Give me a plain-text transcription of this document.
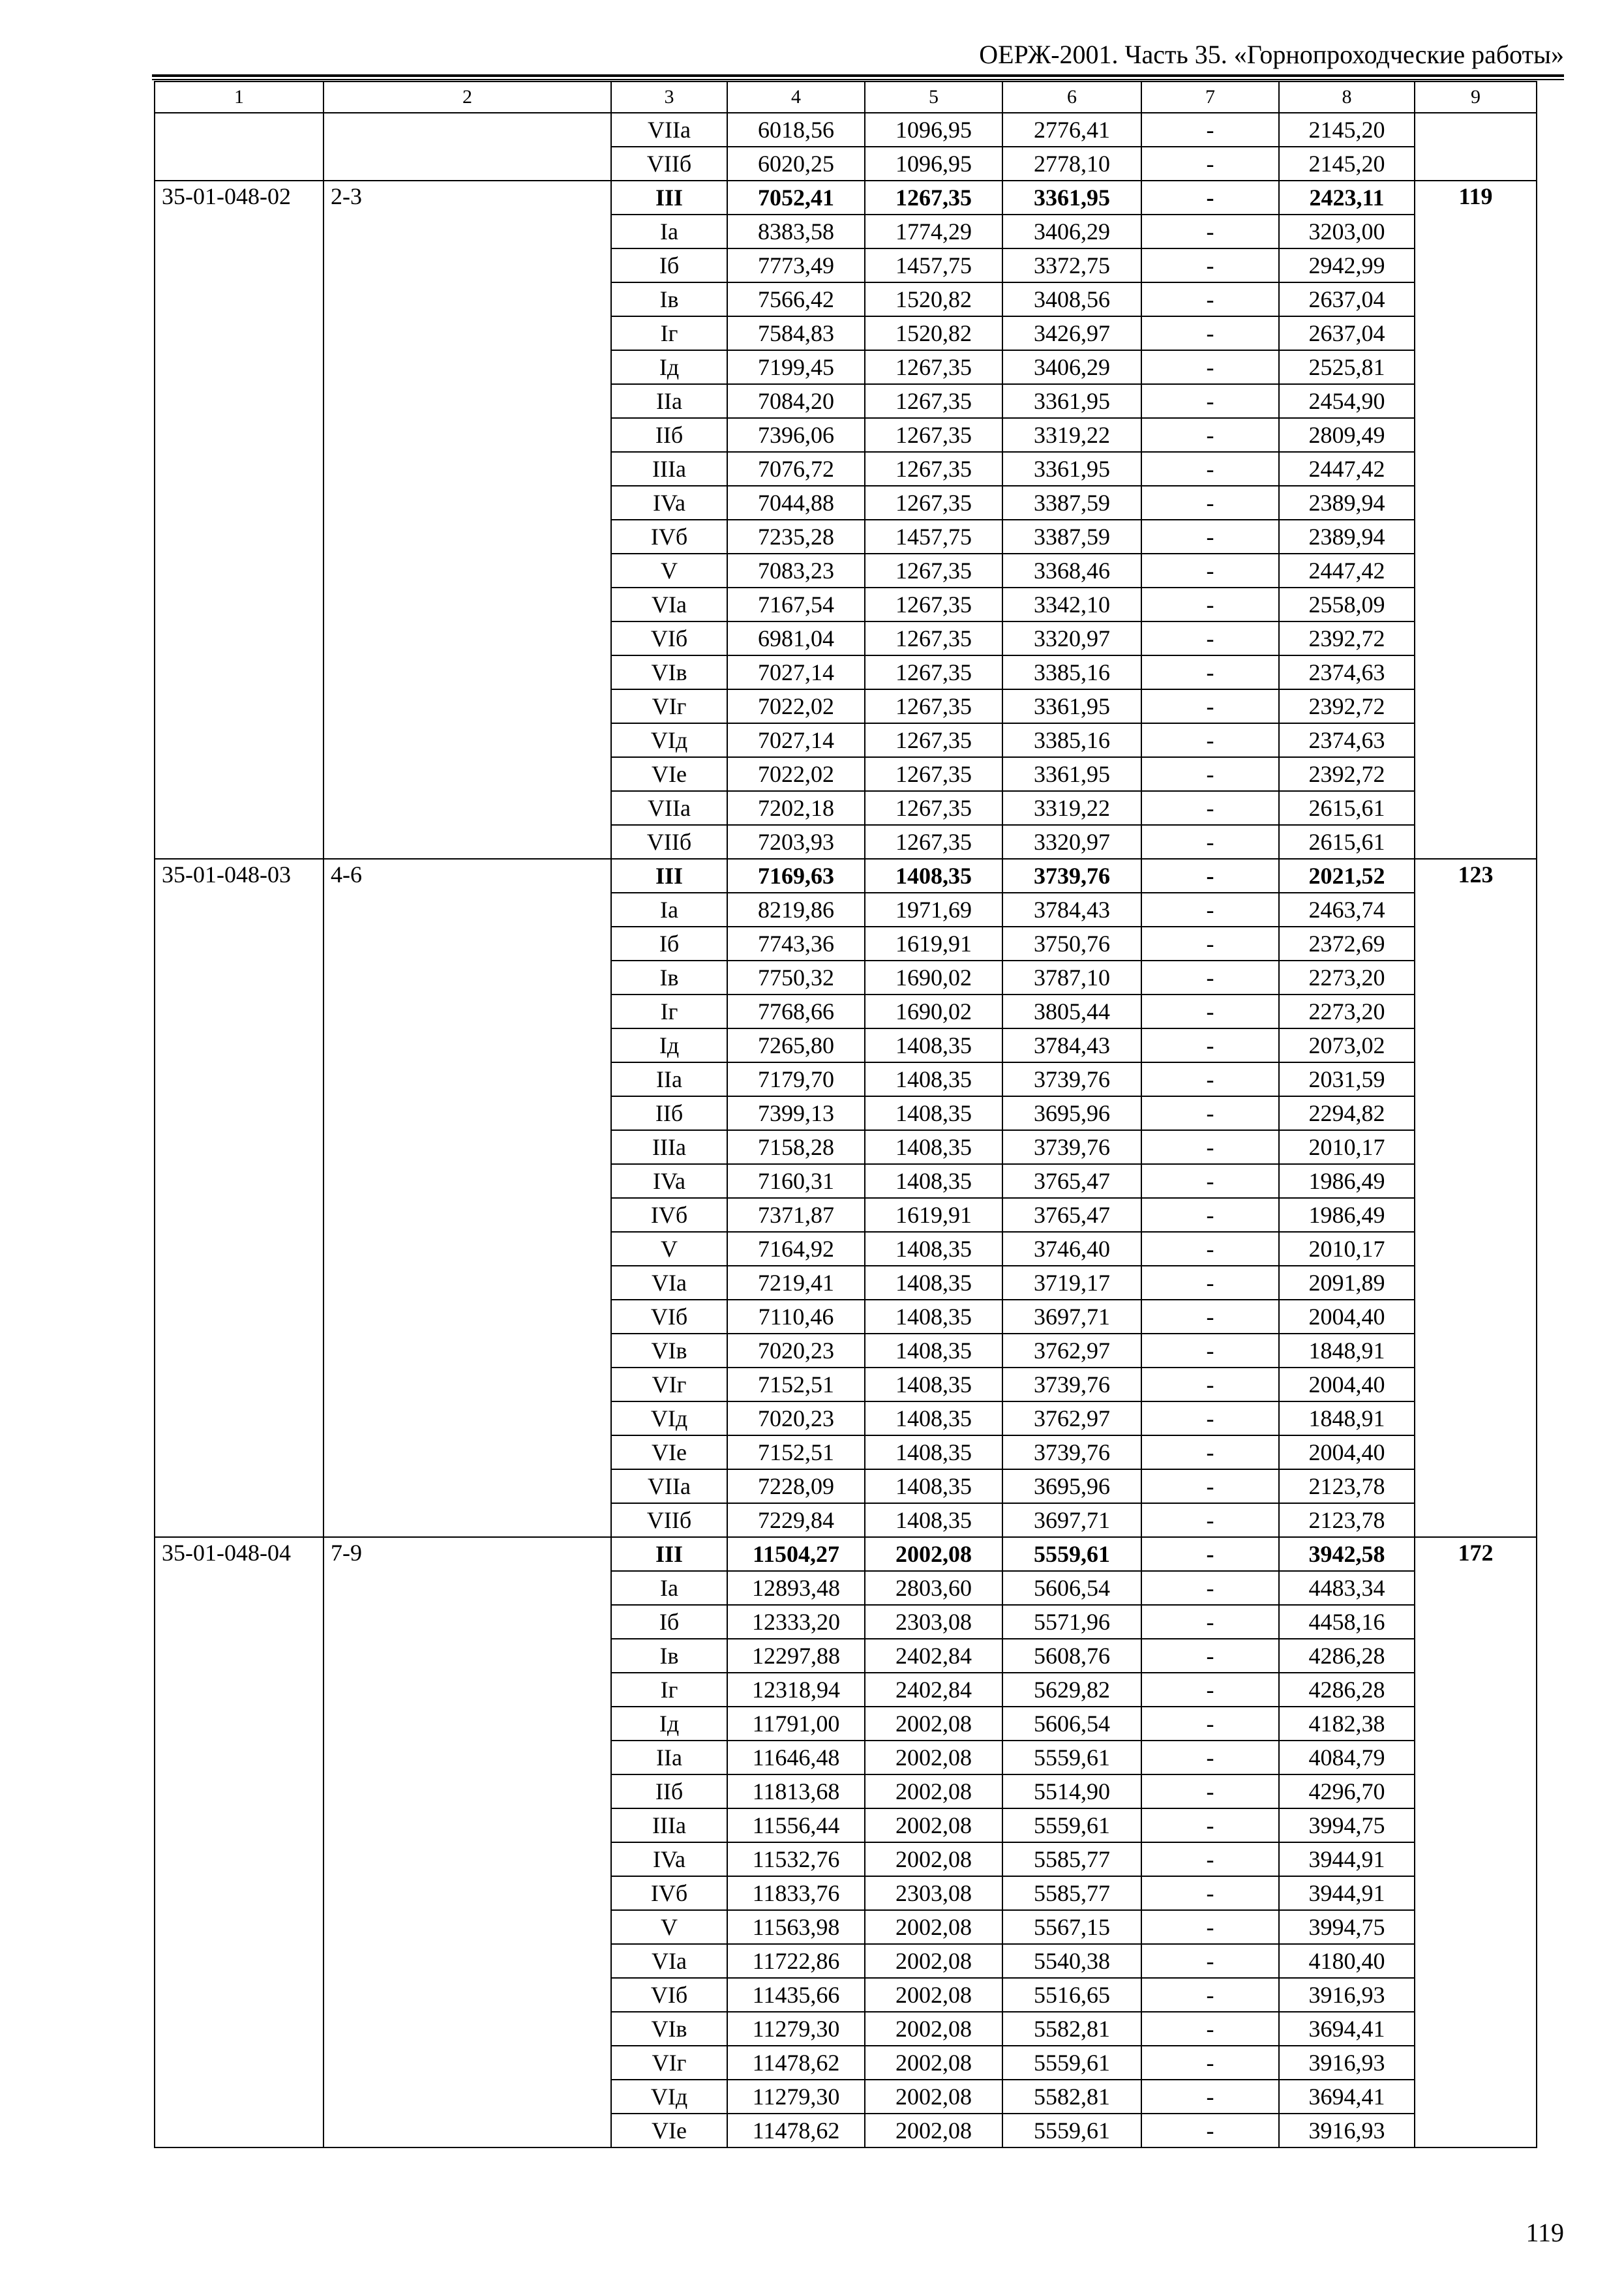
ОЕРЖ-2001. Часть 35. «Горнопроходческие работы»
1	2	3	4	5	6	7	8	9
		VIIa	6018,56	1096,95	2776,41	-	2145,20	
		VIIб	6020,25	1096,95	2778,10	-	2145,20	
35-01-048-02	2-3	III	7052,41	1267,35	3361,95	-	2423,11	119
		Ia	8383,58	1774,29	3406,29	-	3203,00	
		Iб	7773,49	1457,75	3372,75	-	2942,99	
		Iв	7566,42	1520,82	3408,56	-	2637,04	
		Iг	7584,83	1520,82	3426,97	-	2637,04	
		Iд	7199,45	1267,35	3406,29	-	2525,81	
		IIa	7084,20	1267,35	3361,95	-	2454,90	
		IIб	7396,06	1267,35	3319,22	-	2809,49	
		IIIa	7076,72	1267,35	3361,95	-	2447,42	
		IVa	7044,88	1267,35	3387,59	-	2389,94	
		IVб	7235,28	1457,75	3387,59	-	2389,94	
		V	7083,23	1267,35	3368,46	-	2447,42	
		VIa	7167,54	1267,35	3342,10	-	2558,09	
		VIб	6981,04	1267,35	3320,97	-	2392,72	
		VIв	7027,14	1267,35	3385,16	-	2374,63	
		VIг	7022,02	1267,35	3361,95	-	2392,72	
		VIд	7027,14	1267,35	3385,16	-	2374,63	
		VIe	7022,02	1267,35	3361,95	-	2392,72	
		VIIa	7202,18	1267,35	3319,22	-	2615,61	
		VIIб	7203,93	1267,35	3320,97	-	2615,61	
35-01-048-03	4-6	III	7169,63	1408,35	3739,76	-	2021,52	123
		Ia	8219,86	1971,69	3784,43	-	2463,74	
		Iб	7743,36	1619,91	3750,76	-	2372,69	
		Iв	7750,32	1690,02	3787,10	-	2273,20	
		Iг	7768,66	1690,02	3805,44	-	2273,20	
		Iд	7265,80	1408,35	3784,43	-	2073,02	
		IIa	7179,70	1408,35	3739,76	-	2031,59	
		IIб	7399,13	1408,35	3695,96	-	2294,82	
		IIIa	7158,28	1408,35	3739,76	-	2010,17	
		IVa	7160,31	1408,35	3765,47	-	1986,49	
		IVб	7371,87	1619,91	3765,47	-	1986,49	
		V	7164,92	1408,35	3746,40	-	2010,17	
		VIa	7219,41	1408,35	3719,17	-	2091,89	
		VIб	7110,46	1408,35	3697,71	-	2004,40	
		VIв	7020,23	1408,35	3762,97	-	1848,91	
		VIг	7152,51	1408,35	3739,76	-	2004,40	
		VIд	7020,23	1408,35	3762,97	-	1848,91	
		VIe	7152,51	1408,35	3739,76	-	2004,40	
		VIIa	7228,09	1408,35	3695,96	-	2123,78	
		VIIб	7229,84	1408,35	3697,71	-	2123,78	
35-01-048-04	7-9	III	11504,27	2002,08	5559,61	-	3942,58	172
		Ia	12893,48	2803,60	5606,54	-	4483,34	
		Iб	12333,20	2303,08	5571,96	-	4458,16	
		Iв	12297,88	2402,84	5608,76	-	4286,28	
		Iг	12318,94	2402,84	5629,82	-	4286,28	
		Iд	11791,00	2002,08	5606,54	-	4182,38	
		IIa	11646,48	2002,08	5559,61	-	4084,79	
		IIб	11813,68	2002,08	5514,90	-	4296,70	
		IIIa	11556,44	2002,08	5559,61	-	3994,75	
		IVa	11532,76	2002,08	5585,77	-	3944,91	
		IVб	11833,76	2303,08	5585,77	-	3944,91	
		V	11563,98	2002,08	5567,15	-	3994,75	
		VIa	11722,86	2002,08	5540,38	-	4180,40	
		VIб	11435,66	2002,08	5516,65	-	3916,93	
		VIв	11279,30	2002,08	5582,81	-	3694,41	
		VIг	11478,62	2002,08	5559,61	-	3916,93	
		VIд	11279,30	2002,08	5582,81	-	3694,41	
		VIe	11478,62	2002,08	5559,61	-	3916,93	
119
